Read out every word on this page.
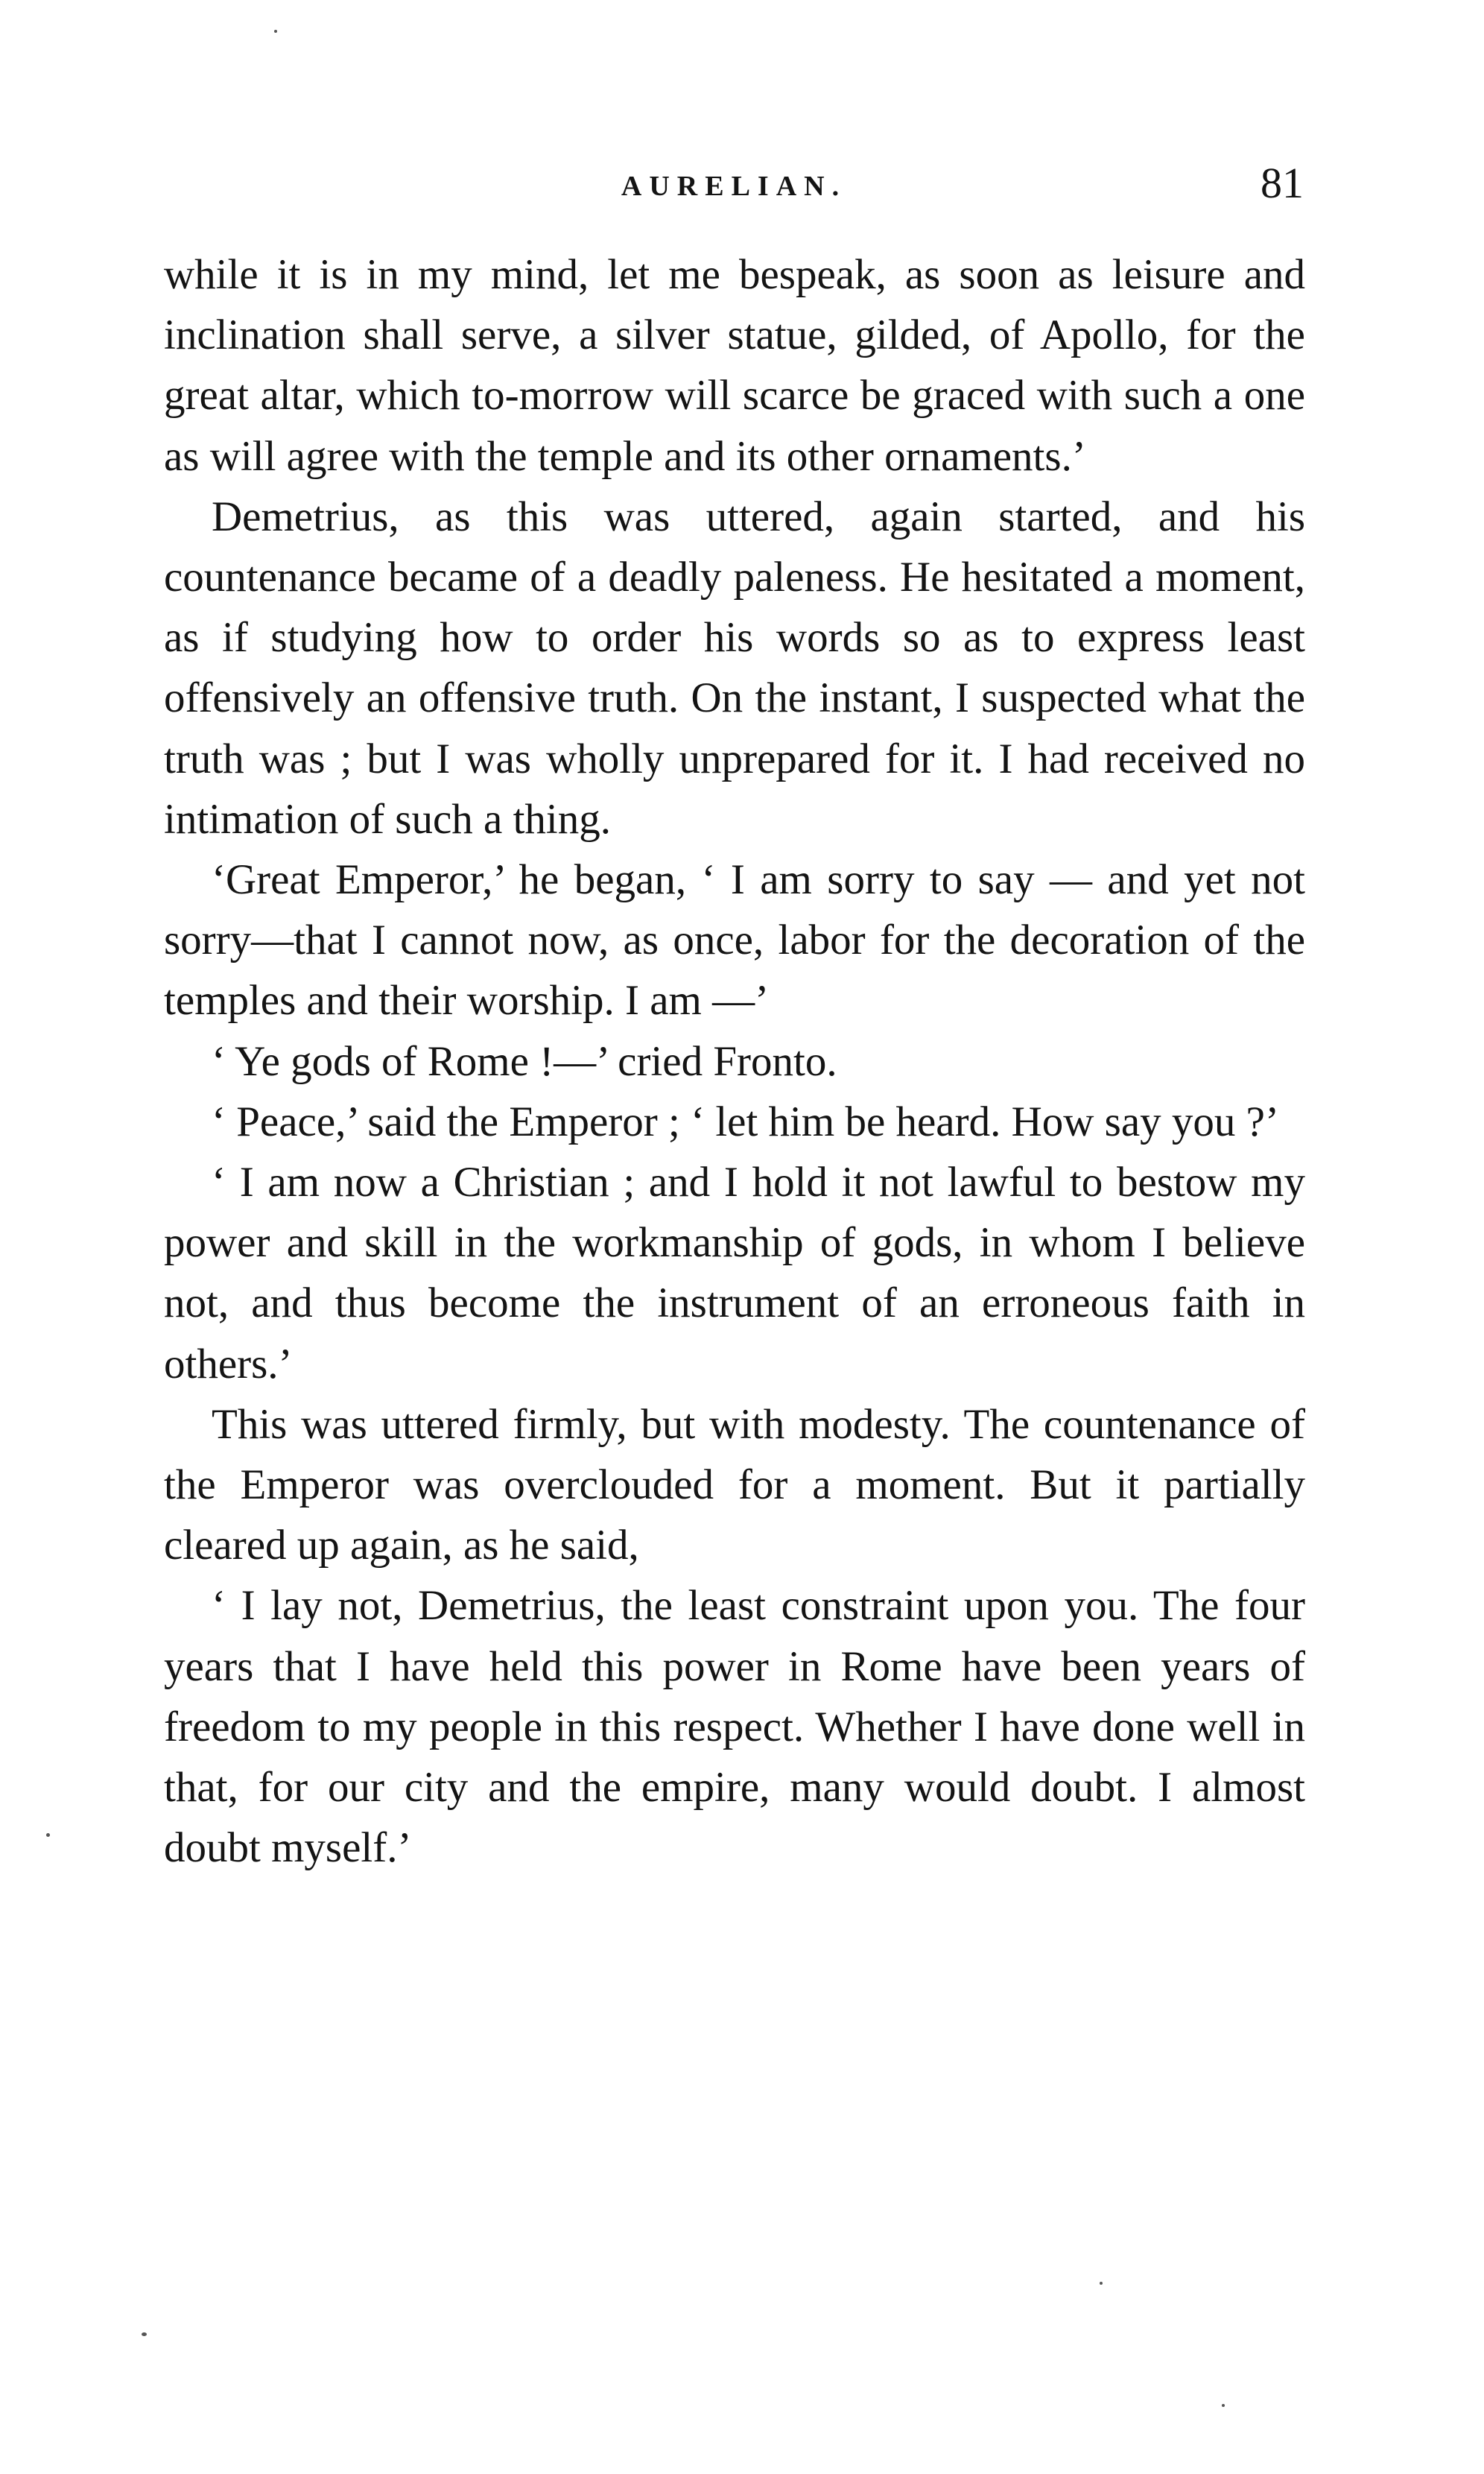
AURELIAN.	81

while it is in my mind, let me bespeak, as soon as leisure and inclination shall serve, a silver statue, gilded, of Apollo, for the great altar, which to-morrow will scarce be graced with such a one as will agree with the temple and its other ornaments.’

Demetrius, as this was uttered, again started, and his countenance became of a deadly paleness. He hesitated a moment, as if studying how to order his words so as to express least offensively an offensive truth. On the instant, I suspected what the truth was ; but I was wholly unprepared for it. I had received no intimation of such a thing.

‘Great Emperor,’ he began, ‘ I am sorry to say — and yet not sorry—that I cannot now, as once, labor for the decoration of the temples and their worship. I am —’

‘ Ye gods of Rome !—’ cried Fronto.

‘ Peace,’ said the Emperor ; ‘ let him be heard. How say you ?’

‘ I am now a Christian ; and I hold it not lawful to bestow my power and skill in the workmanship of gods, in whom I believe not, and thus become the instrument of an erroneous faith in others.’

This was uttered firmly, but with modesty. The countenance of the Emperor was overclouded for a moment. But it partially cleared up again, as he said,

‘ I lay not, Demetrius, the least constraint upon you. The four years that I have held this power in Rome have been years of freedom to my people in this respect. Whether I have done well in that, for our city and the empire, many would doubt. I almost doubt myself.’
